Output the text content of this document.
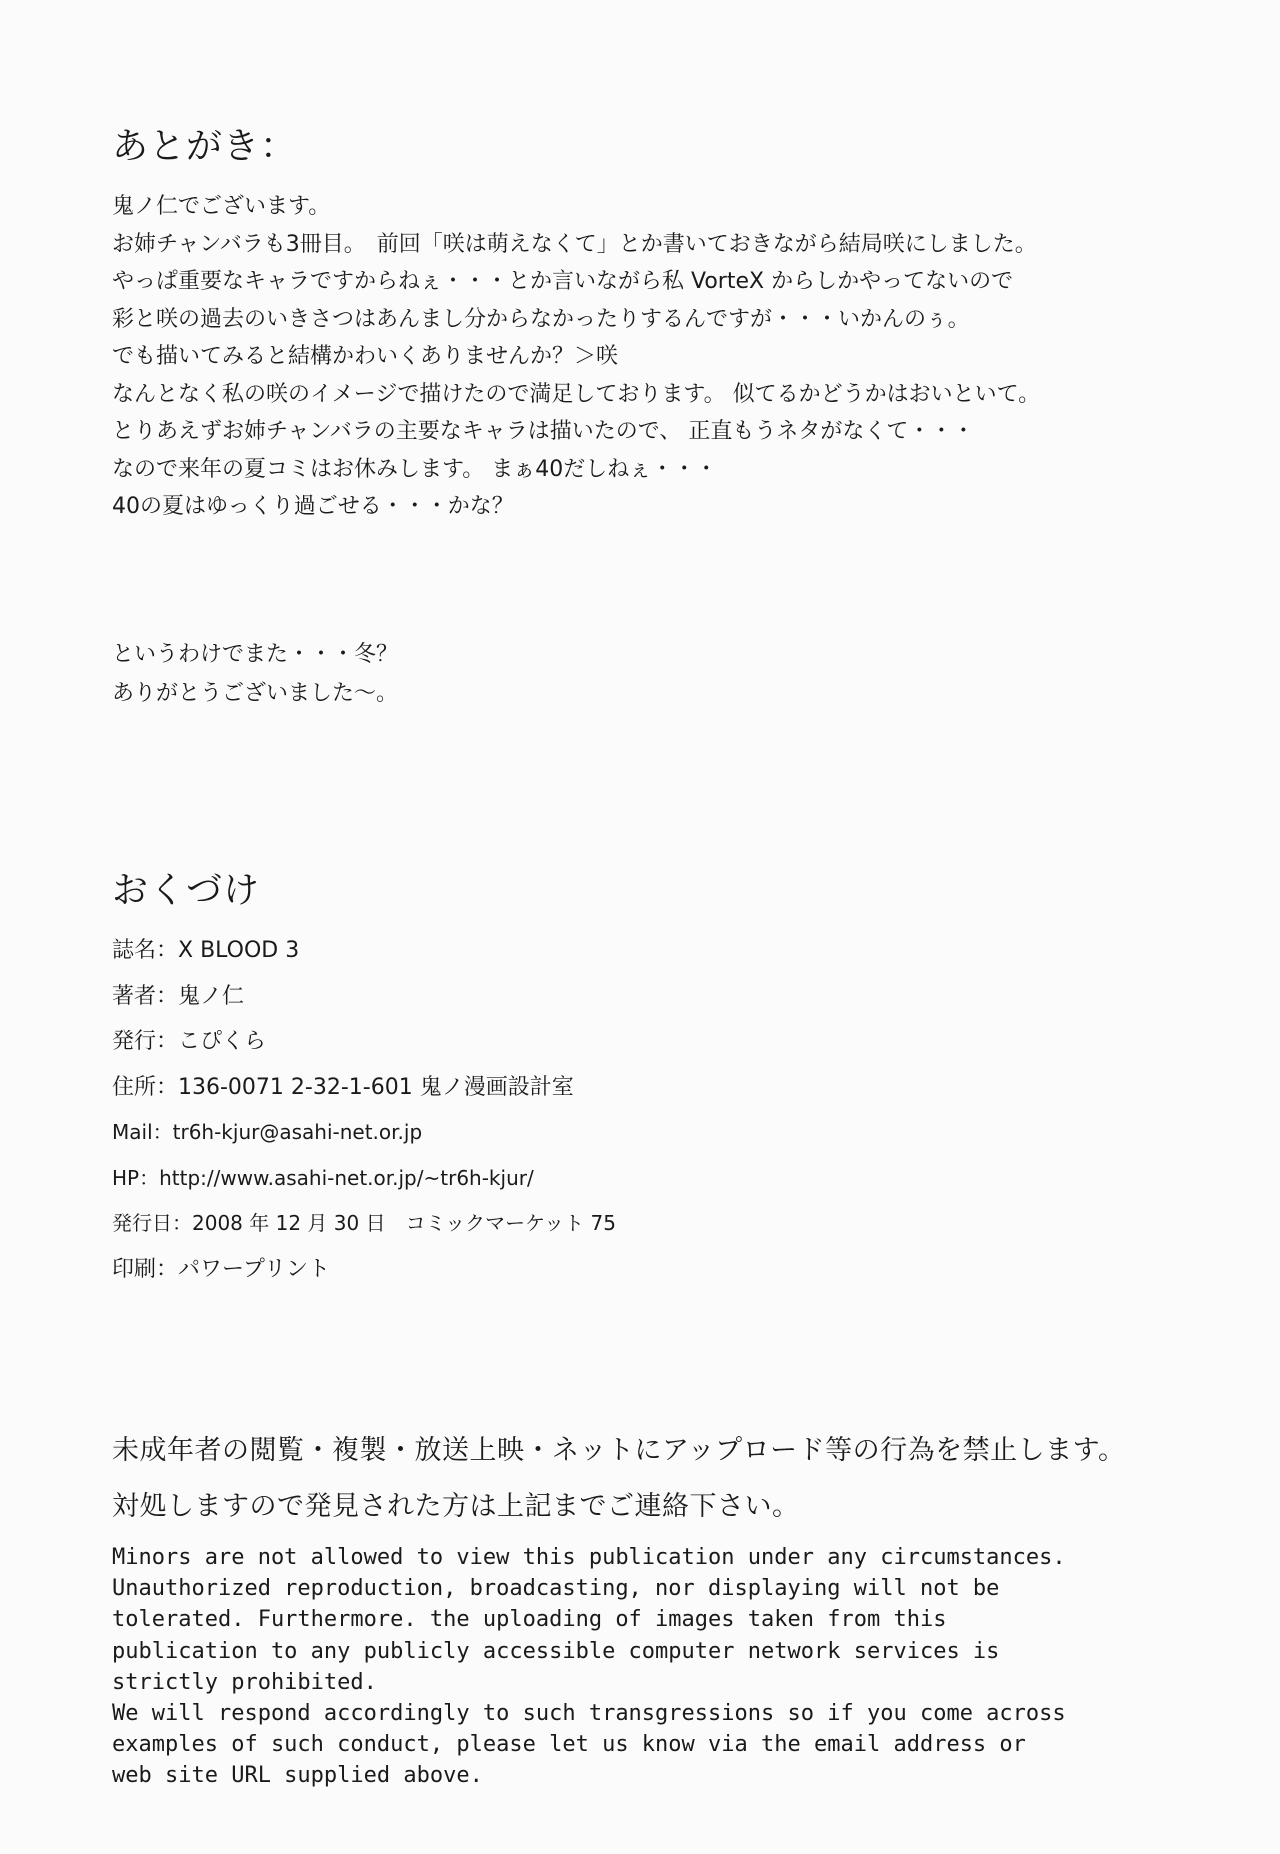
あとがき：
鬼ノ仁でございます。
お姉チャンバラも3冊目。　前回「咲は萌えなくて」とか書いておきながら結局咲にしました。
やっぱ重要なキャラですからねぇ・・・とか言いながら私 VorteX からしかやってないので
彩と咲の過去のいきさつはあんまし分からなかったりするんですが・・・いかんのぅ。
でも描いてみると結構かわいくありませんか？＞咲
なんとなく私の咲のイメージで描けたので満足しております。 似てるかどうかはおいといて。
とりあえずお姉チャンバラの主要なキャラは描いたので、 正直もうネタがなくて・・・
なので来年の夏コミはお休みします。 まぁ40だしねぇ・・・
40の夏はゆっくり過ごせる・・・かな？
というわけでまた・・・冬？
ありがとうございました～。
おくづけ
誌名：X BLOOD 3
著者：鬼ノ仁
発行：こぴくら
住所：136-0071 2-32-1-601 鬼ノ漫画設計室
Mail：tr6h-kjur@asahi-net.or.jp
HP：http://www.asahi-net.or.jp/~tr6h-kjur/
発行日：2008 年 12 月 30 日　コミックマーケット 75
印刷：パワープリント
未成年者の閲覧・複製・放送上映・ネットにアップロード等の行為を禁止します。
対処しますので発見された方は上記までご連絡下さい。
Minors are not allowed to view this publication under any circumstances.
Unauthorized reproduction, broadcasting, nor displaying will not be
tolerated. Furthermore. the uploading of images taken from this
publication to any publicly accessible computer network services is
strictly prohibited.
We will respond accordingly to such transgressions so if you come across
examples of such conduct, please let us know via the email address or
web site URL supplied above.
